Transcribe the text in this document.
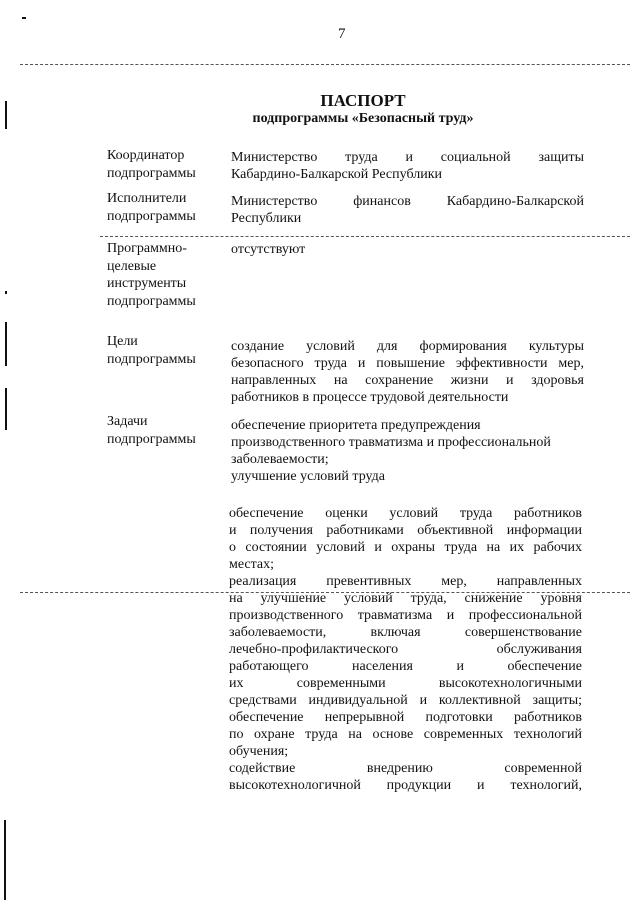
7
ПАСПОРТ
подпрограммы «Безопасный труд»
Координатор
подпрограммы
Министерство труда и социальной защиты
Кабардино-Балкарской Республики
Исполнители
подпрограммы
Министерство финансов Кабардино-Балкарской
Республики
Программно-
целевые
инструменты
подпрограммы
отсутствуют
Цели
подпрограммы
создание условий для формирования культуры
безопасного труда и повышение эффективности мер,
направленных на сохранение жизни и здоровья
работников в процессе трудовой деятельности
Задачи
подпрограммы
обеспечение приоритета предупреждения
производственного травматизма и профессиональной
заболеваемости;
улучшение условий труда
обеспечение оценки условий труда работников
и получения работниками объективной информации
о состоянии условий и охраны труда на их рабочих
местах;
реализация превентивных мер, направленных
на улучшение условий труда, снижение уровня
производственного травматизма и профессиональной
заболеваемости, включая совершенствование
лечебно-профилактического обслуживания
работающего населения и обеспечение
их современными высокотехнологичными
средствами индивидуальной и коллективной защиты;
обеспечение непрерывной подготовки работников
по охране труда на основе современных технологий
обучения;
содействие внедрению современной
высокотехнологичной продукции и технологий,
